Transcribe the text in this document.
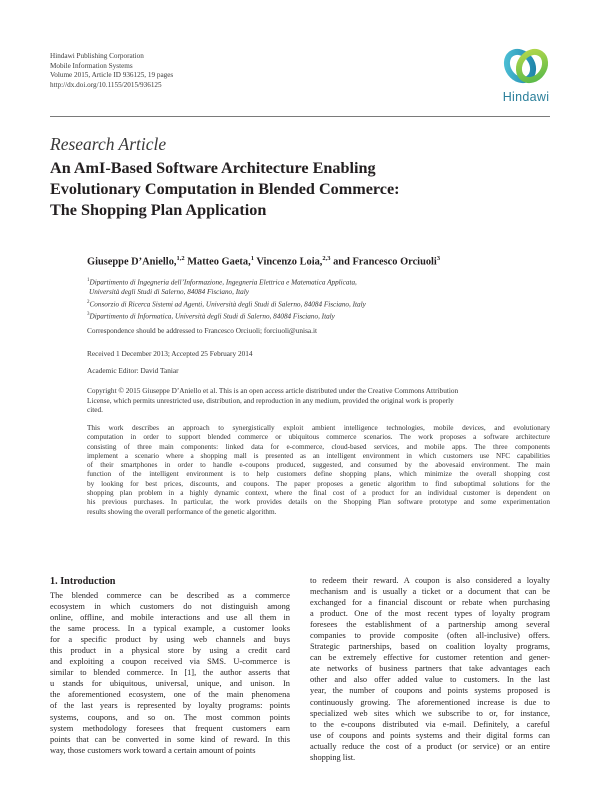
Hindawi Publishing Corporation
Mobile Information Systems
Volume 2015, Article ID 936125, 19 pages
http://dx.doi.org/10.1155/2015/936125
Hindawi
Research Article
An AmI-Based Software Architecture Enabling
Evolutionary Computation in Blended Commerce:
The Shopping Plan Application
Giuseppe D’Aniello,$^{1,2}$ Matteo Gaeta,$^1$ Vincenzo Loia,$^{2,3}$ and Francesco Orciuoli$^3$
$^1$Dipartimento di Ingegneria dell’Informazione, Ingegneria Elettrica e Matematica Applicata,
Università degli Studi di Salerno, 84084 Fisciano, Italy
$^2$Consorzio di Ricerca Sistemi ad Agenti, Università degli Studi di Salerno, 84084 Fisciano, Italy
$^3$Dipartimento di Informatica, Università degli Studi di Salerno, 84084 Fisciano, Italy
Correspondence should be addressed to Francesco Orciuoli; forciuoli@unisa.it
Received 1 December 2013; Accepted 25 February 2014
Academic Editor: David Taniar
Copyright © 2015 Giuseppe D’Aniello et al. This is an open access article distributed under the Creative Commons Attribution
License, which permits unrestricted use, distribution, and reproduction in any medium, provided the original work is properly
cited.
This work describes an approach to synergistically exploit ambient intelligence technologies, mobile devices, and evolutionary
computation in order to support blended commerce or ubiquitous commerce scenarios. The work proposes a software architecture
consisting of three main components: linked data for e-commerce, cloud-based services, and mobile apps. The three components
implement a scenario where a shopping mall is presented as an intelligent environment in which customers use NFC capabilities
of their smartphones in order to handle e-coupons produced, suggested, and consumed by the abovesaid environment. The main
function of the intelligent environment is to help customers define shopping plans, which minimize the overall shopping cost
by looking for best prices, discounts, and coupons. The paper proposes a genetic algorithm to find suboptimal solutions for the
shopping plan problem in a highly dynamic context, where the final cost of a product for an individual customer is dependent on
his previous purchases. In particular, the work provides details on the Shopping Plan software prototype and some experimentation
results showing the overall performance of the genetic algorithm.
1. Introduction
The blended commerce can be described as a commerce
ecosystem in which customers do not distinguish among
online, offline, and mobile interactions and use all them in
the same process. In a typical example, a customer looks
for a specific product by using web channels and buys
this product in a physical store by using a credit card
and exploiting a coupon received via SMS. U-commerce is
similar to blended commerce. In [1], the author asserts that
u stands for ubiquitous, universal, unique, and unison. In
the aforementioned ecosystem, one of the main phenomena
of the last years is represented by loyalty programs: points
systems, coupons, and so on. The most common points
system methodology foresees that frequent customers earn
points that can be converted in some kind of reward. In this
way, those customers work toward a certain amount of points
to redeem their reward. A coupon is also considered a loyalty
mechanism and is usually a ticket or a document that can be
exchanged for a financial discount or rebate when purchasing
a product. One of the most recent types of loyalty program
foresees the establishment of a partnership among several
companies to provide composite (often all-inclusive) offers.
Strategic partnerships, based on coalition loyalty programs,
can be extremely effective for customer retention and gener-
ate networks of business partners that take advantages each
other and also offer added value to customers. In the last
year, the number of coupons and points systems proposed is
continuously growing. The aforementioned increase is due to
specialized web sites which we subscribe to or, for instance,
to the e-coupons distributed via e-mail. Definitely, a careful
use of coupons and points systems and their digital forms can
actually reduce the cost of a product (or service) or an entire
shopping list.
